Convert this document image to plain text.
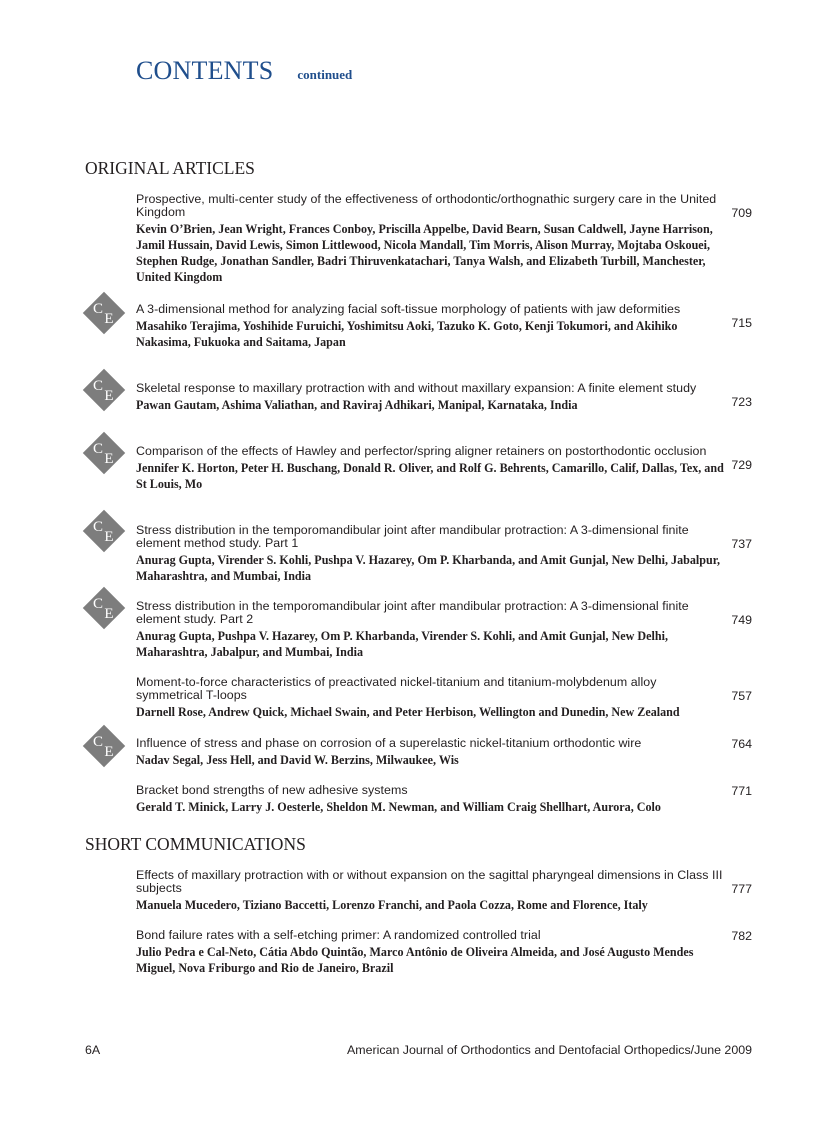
CONTENTS continued
ORIGINAL ARTICLES
SHORT COMMUNICATIONS
Prospective, multi-center study of the effectiveness of orthodontic/orthognathic surgery care in the United Kingdom
Kevin O’Brien, Jean Wright, Frances Conboy, Priscilla Appelbe, David Bearn, Susan Caldwell, Jayne Harrison, Jamil Hussain, David Lewis, Simon Littlewood, Nicola Mandall, Tim Morris, Alison Murray, Mojtaba Oskouei, Stephen Rudge, Jonathan Sandler, Badri Thiruvenkatachari, Tanya Walsh, and Elizabeth Turbill, Manchester, United Kingdom
709
C
E
A 3-dimensional method for analyzing facial soft-tissue morphology of patients with jaw deformities
Masahiko Terajima, Yoshihide Furuichi, Yoshimitsu Aoki, Tazuko K. Goto, Kenji Tokumori, and Akihiko Nakasima, Fukuoka and Saitama, Japan
715
C
E Skeletal response to maxillary protraction with and without maxillary expansion: A finite element study
Pawan Gautam, Ashima Valiathan, and Raviraj Adhikari, Manipal, Karnataka, India	723
C
E Comparison of the effects of Hawley and perfector/spring aligner retainers on postorthodontic occlusion
Jennifer K. Horton, Peter H. Buschang, Donald R. Oliver, and Rolf G. Behrents, Camarillo, Calif, Dallas, Tex, and St Louis, Mo
729
C
E Stress distribution in the temporomandibular joint after mandibular protraction: A 3-dimensional finite element method study. Part 1
Anurag Gupta, Virender S. Kohli, Pushpa V. Hazarey, Om P. Kharbanda, and Amit Gunjal, New Delhi, Jabalpur, Maharashtra, and Mumbai, India
737
C
E Stress distribution in the temporomandibular joint after mandibular protraction: A 3-dimensional finite element study. Part 2
Anurag Gupta, Pushpa V. Hazarey, Om P. Kharbanda, Virender S. Kohli, and Amit Gunjal, New Delhi, Maharashtra, Jabalpur, and Mumbai, India
749
Moment-to-force characteristics of preactivated nickel-titanium and titanium-molybdenum alloy symmetrical T-loops
Darnell Rose, Andrew Quick, Michael Swain, and Peter Herbison, Wellington and Dunedin, New Zealand
757
C
E
Influence of stress and phase on corrosion of a superelastic nickel-titanium orthodontic wire
Nadav Segal, Jess Hell, and David W. Berzins, Milwaukee, Wis
764
Bracket bond strengths of new adhesive systems
Gerald T. Minick, Larry J. Oesterle, Sheldon M. Newman, and William Craig Shellhart, Aurora, Colo
771
Effects of maxillary protraction with or without expansion on the sagittal pharyngeal dimensions in Class III subjects
Manuela Mucedero, Tiziano Baccetti, Lorenzo Franchi, and Paola Cozza, Rome and Florence, Italy
777
Bond failure rates with a self-etching primer: A randomized controlled trial
Julio Pedra e Cal-Neto, Cátia Abdo Quintão, Marco Antônio de Oliveira Almeida, and José Augusto Mendes Miguel, Nova Friburgo and Rio de Janeiro, Brazil
782
6A	American Journal of Orthodontics and Dentofacial Orthopedics/June 2009
